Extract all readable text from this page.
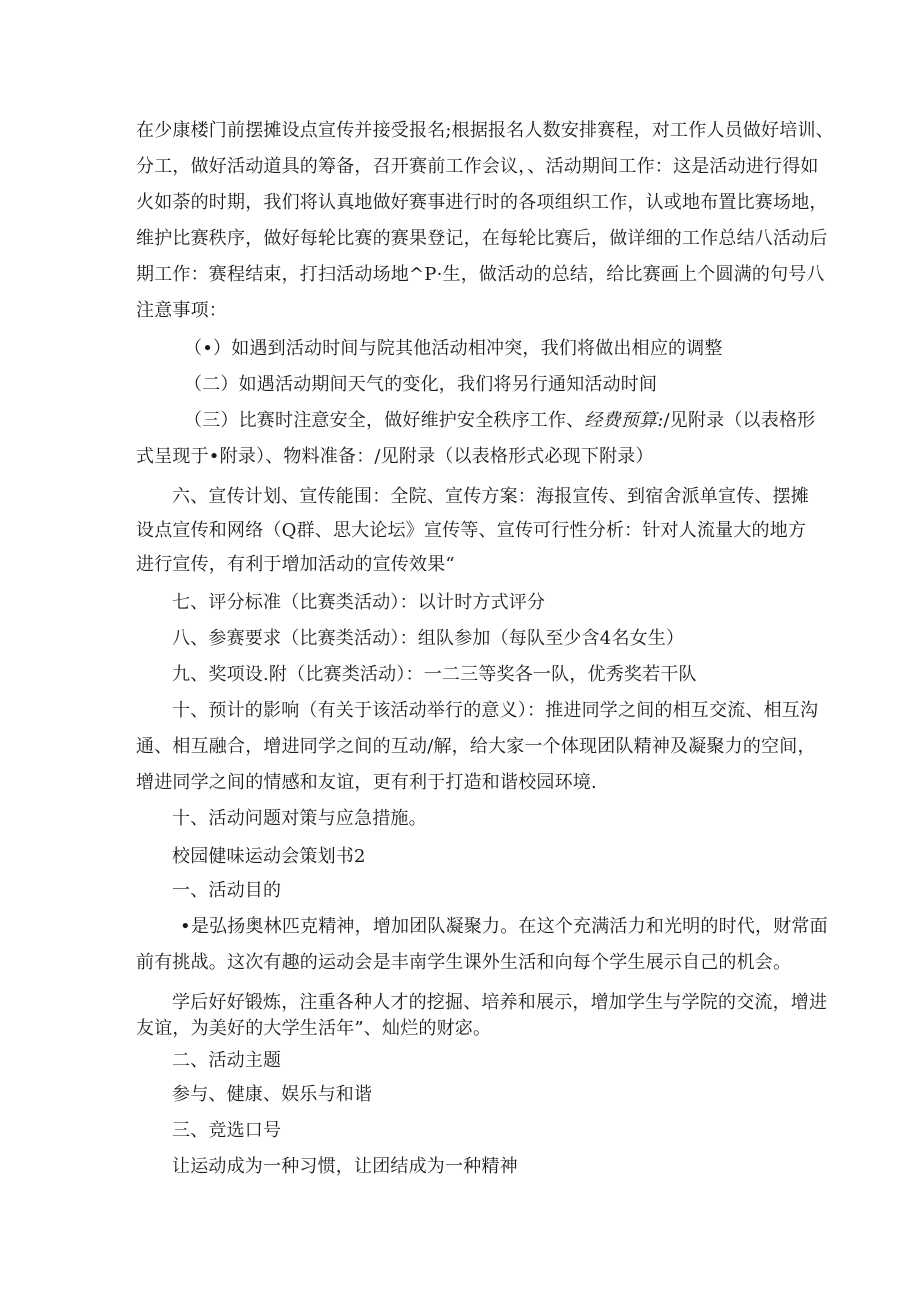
在少康楼门前摆摊设点宣传并接受报名;根据报名人数安排赛程，对工作人员做好培训、
分工，做好活动道具的筹备，召开赛前工作会议，、活动期间工作：这是活动进行得如
火如荼的时期，我们将认真地做好赛事进行时的各项组织工作，认或地布置比赛场地，
维护比赛秩序，做好每轮比赛的赛果登记，在每轮比赛后，做详细的工作总结八活动后
期工作：赛程结束，打扫活动场地^P·生，做活动的总结，给比赛画上个圆满的句号八
注意事项：
（•）如遇到活动时间与院其他活动相冲突，我们将做出相应的调整
（二）如遇活动期间天气的变化，我们将另行通知活动时间
（三）比赛时注意安全，做好维护安全秩序工作、经费预算:/见附录（以表格形
式呈现于•附录）、物料准备：/见附录（以表格形式必现下附录）
六、宣传计划、宣传能围：全院、宣传方案：海报宣传、到宿舍派单宣传、摆摊
设点宣传和网络（Q群、思大论坛》宣传等、宣传可行性分析：针对人流量大的地方
进行宣传，有利于增加活动的宣传效果“
七、评分标准（比赛类活动）：以计时方式评分
八、参赛要求（比赛类活动）：组队参加（每队至少含4名女生）
九、奖项设.附（比赛类活动）：一二三等奖各一队，优秀奖若干队
十、预计的影响（有关于该活动举行的意义）：推进同学之间的相互交流、相互沟
通、相互融合，增进同学之间的互动/解，给大家一个体现团队精神及凝聚力的空间，
增进同学之间的情感和友谊，更有利于打造和谐校园环境.
十、活动问题对策与应急措施。
校园健味运动会策划书2
一、活动目的
•是弘扬奥林匹克精神，增加团队凝聚力。在这个充满活力和光明的时代，财常面
前有挑战。这次有趣的运动会是丰南学生课外生活和向每个学生展示自己的机会。
学后好好锻炼，注重各种人才的挖掘、培养和展示，增加学生与学院的交流，增进
友谊，为美好的大学生活年”、灿烂的财宓。
二、活动主题
参与、健康、娱乐与和谐
三、竞选口号
让运动成为一种习惯，让团结成为一种精神
